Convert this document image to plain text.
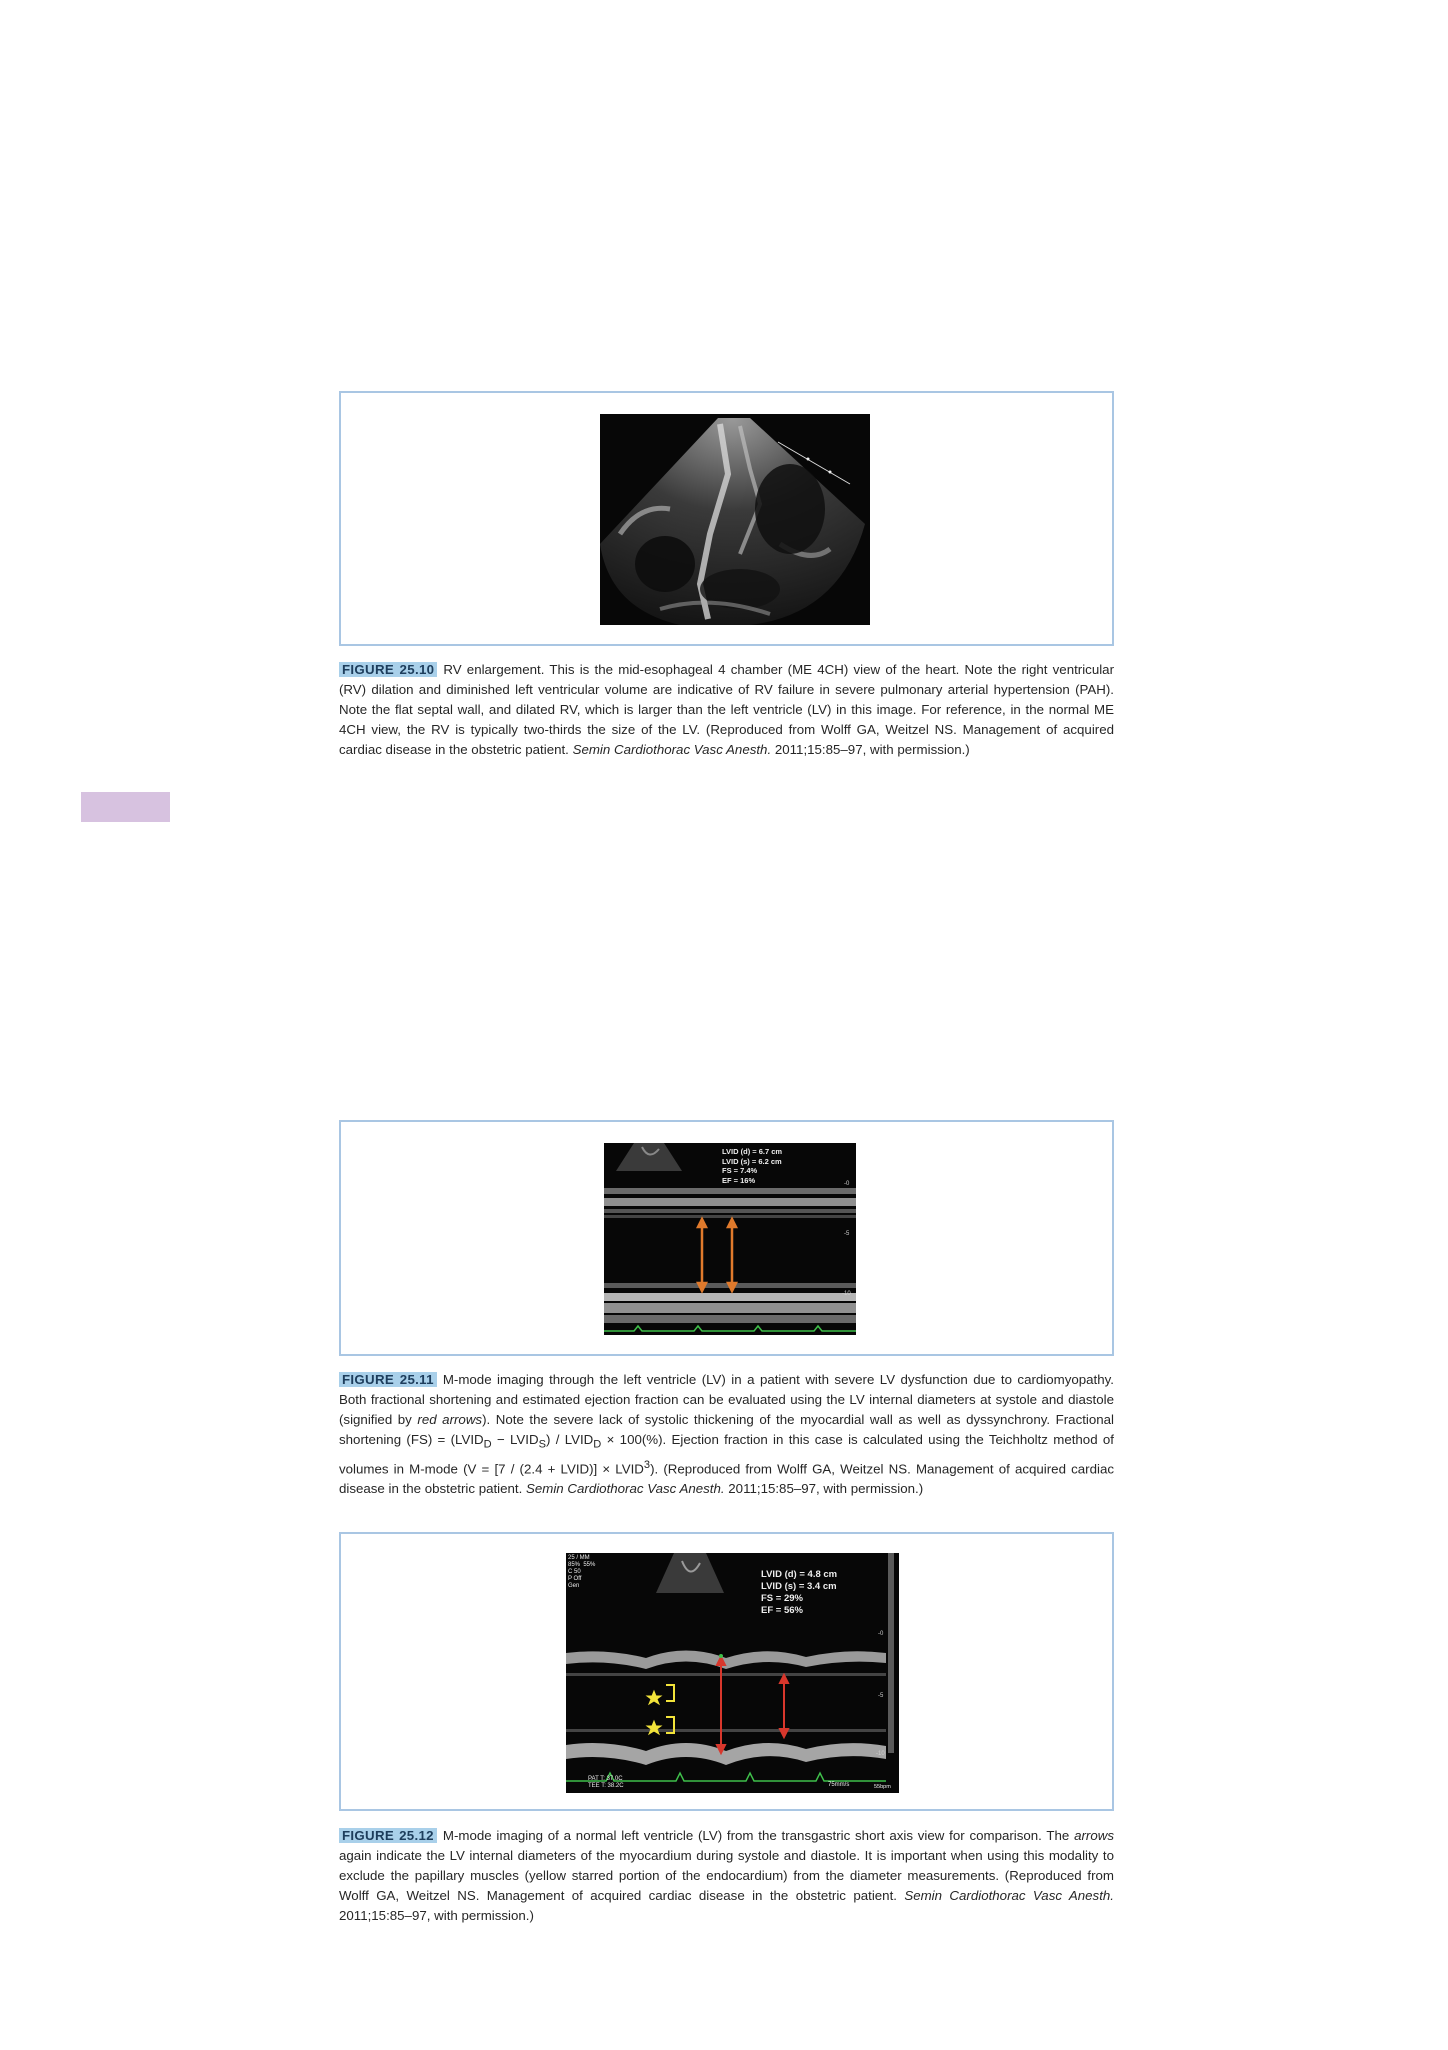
FIGURE 25.10 RV enlargement. This is the mid-esophageal 4 chamber (ME 4CH) view of the heart. Note the right ventricular (RV) dilation and diminished left ventricular volume are indicative of RV failure in severe pulmonary arterial hypertension (PAH). Note the flat septal wall, and dilated RV, which is larger than the left ventricle (LV) in this image. For reference, in the normal ME 4CH view, the RV is typically two-thirds the size of the LV. (Reproduced from Wolff GA, Weitzel NS. Management of acquired cardiac disease in the obstetric patient. Semin Cardiothorac Vasc Anesth. 2011;15:85–97, with permission.)
LVID (d) = 6.7 cm
LVID (s) = 6.2 cm
FS = 7.4%
EF = 16%	-0
-5
-10
FIGURE 25.11 M-mode imaging through the left ventricle (LV) in a patient with severe LV dysfunction due to cardiomyopathy. Both fractional shortening and estimated ejection fraction can be evaluated using the LV internal diameters at systole and diastole (signified by red arrows). Note the severe lack of systolic thickening of the myocardial wall as well as dyssynchrony. Fractional shortening $(FS) = (LVID_D$ − $LVID_S$) / $LVID_D \times 100(\%)$. Ejection fraction in this case is calculated using the Teichholtz method of volumes in M-mode (V = [7 / (2.4 + LVID)] × $LVID^3$). (Reproduced from Wolff GA, Weitzel NS. Management of acquired cardiac disease in the obstetric patient. Semin Cardiothorac Vasc Anesth. 2011;15:85–97, with permission.)
25 / MM
85%  55%
C 50
P Off
Gen
LVID (d) = 4.8 cm
LVID (s) = 3.4 cm
FS = 29%
EF = 56%
-0
-5
-10
PAT T: 37.0C
TEE T: 38.2C	75mm/s	55bpm
FIGURE 25.12 M-mode imaging of a normal left ventricle (LV) from the transgastric short axis view for comparison. The arrows again indicate the LV internal diameters of the myocardium during systole and diastole. It is important when using this modality to exclude the papillary muscles (yellow starred portion of the endocardium) from the diameter measurements. (Reproduced from Wolff GA, Weitzel NS. Management of acquired cardiac disease in the obstetric patient. Semin Cardiothorac Vasc Anesth. 2011;15:85–97, with permission.)
